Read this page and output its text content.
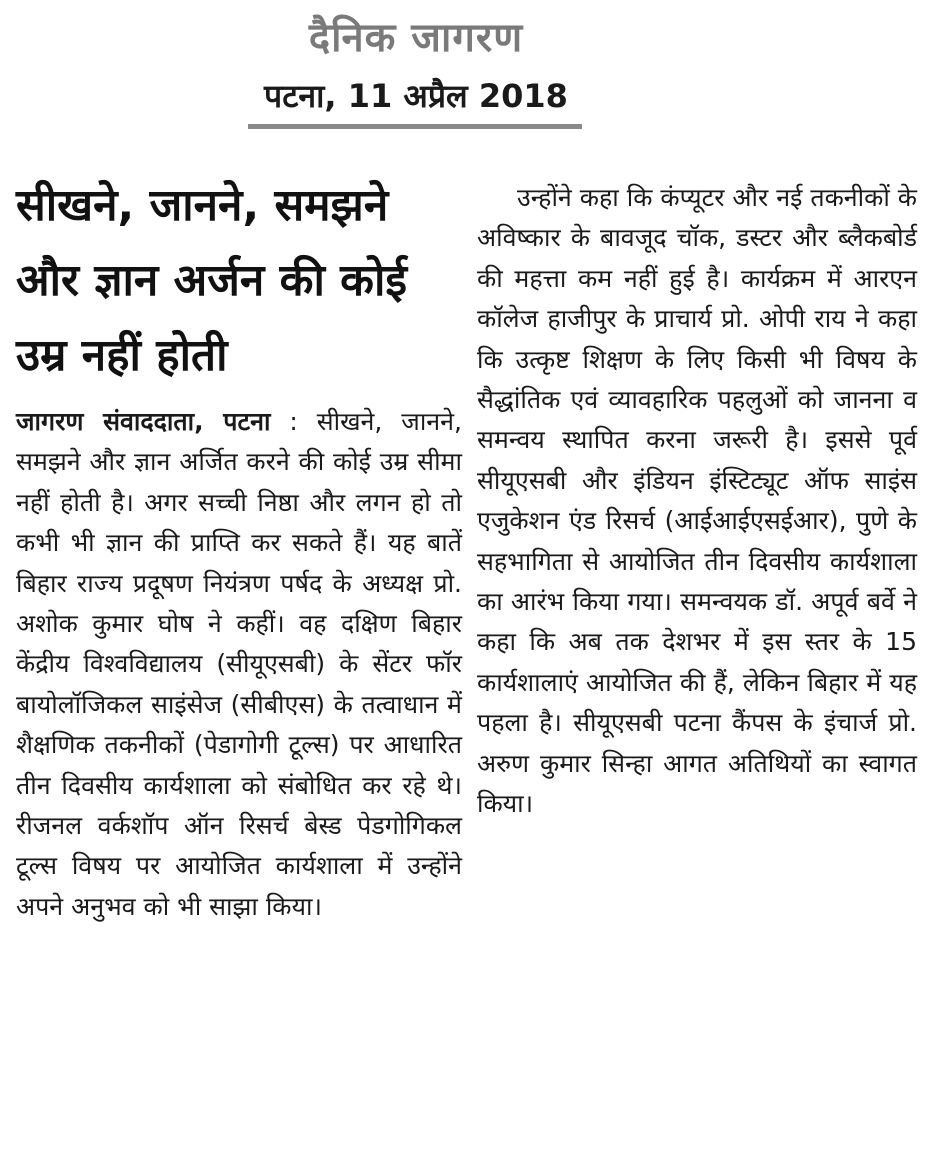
दैनिक जागरण
पटना, 11 अप्रैल 2018
सीखने, जानने, समझने और ज्ञान अर्जन की कोई उम्र नहीं होती

जागरण संवाददाता, पटना : सीखने, जानने, समझने और ज्ञान अर्जित करने की कोई उम्र सीमा नहीं होती है। अगर सच्ची निष्ठा और लगन हो तो कभी भी ज्ञान की प्राप्ति कर सकते हैं। यह बातें बिहार राज्य प्रदूषण नियंत्रण पर्षद के अध्यक्ष प्रो. अशोक कुमार घोष ने कहीं। वह दक्षिण बिहार केंद्रीय विश्वविद्यालय (सीयूएसबी) के सेंटर फॉर बायोलॉजिकल साइंसेज (सीबीएस) के तत्वाधान में शैक्षणिक तकनीकों (पेडागोगी टूल्स) पर आधारित तीन दिवसीय कार्यशाला को संबोधित कर रहे थे। रीजनल वर्कशॉप ऑन रिसर्च बेस्ड पेडगोगिकल टूल्स विषय पर आयोजित कार्यशाला में उन्होंने अपने अनुभव को भी साझा किया।

उन्होंने कहा कि कंप्यूटर और नई तकनीकों के अविष्कार के बावजूद चॉक, डस्टर और ब्लैकबोर्ड की महत्ता कम नहीं हुई है। कार्यक्रम में आरएन कॉलेज हाजीपुर के प्राचार्य प्रो. ओपी राय ने कहा कि उत्कृष्ट शिक्षण के लिए किसी भी विषय के सैद्धांतिक एवं व्यावहारिक पहलुओं को जानना व समन्वय स्थापित करना जरूरी है। इससे पूर्व सीयूएसबी और इंडियन इंस्टिट्यूट ऑफ साइंस एजुकेशन एंड रिसर्च (आईआईएसईआर), पुणे के सहभागिता से आयोजित तीन दिवसीय कार्यशाला का आरंभ किया गया। समन्वयक डॉ. अपूर्व बर्वे ने कहा कि अब तक देशभर में इस स्तर के 15 कार्यशालाएं आयोजित की हैं, लेकिन बिहार में यह पहला है। सीयूएसबी पटना कैंपस के इंचार्ज प्रो. अरुण कुमार सिन्हा आगत अतिथियों का स्वागत किया।
